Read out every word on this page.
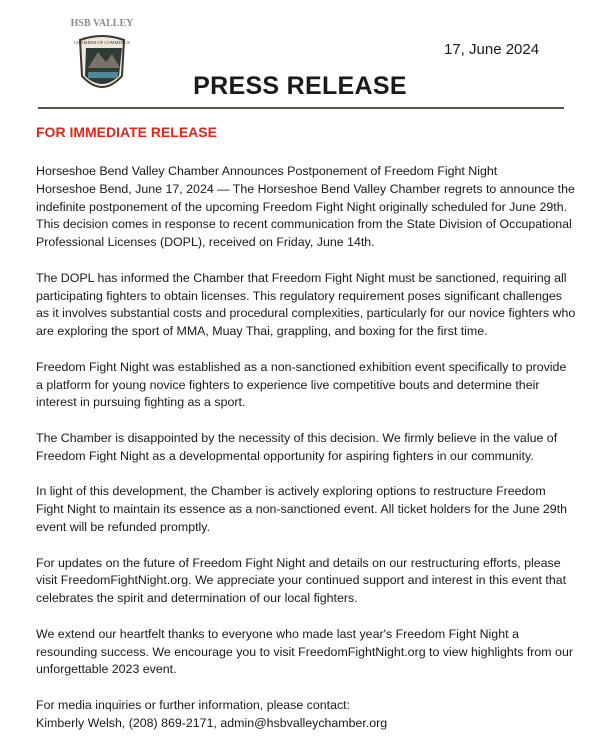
HSB VALLEY
CHAMBER OF COMMERCE	17, June 2024
PRESS RELEASE
FOR IMMEDIATE RELEASE

Horseshoe Bend Valley Chamber Announces Postponement of Freedom Fight Night
Horseshoe Bend, June 17, 2024 — The Horseshoe Bend Valley Chamber regrets to announce the indefinite postponement of the upcoming Freedom Fight Night originally scheduled for June 29th. This decision comes in response to recent communication from the State Division of Occupational Professional Licenses (DOPL), received on Friday, June 14th.

The DOPL has informed the Chamber that Freedom Fight Night must be sanctioned, requiring all participating fighters to obtain licenses. This regulatory requirement poses significant challenges as it involves substantial costs and procedural complexities, particularly for our novice fighters who are exploring the sport of MMA, Muay Thai, grappling, and boxing for the first time.

Freedom Fight Night was established as a non-sanctioned exhibition event specifically to provide a platform for young novice fighters to experience live competitive bouts and determine their interest in pursuing fighting as a sport.

The Chamber is disappointed by the necessity of this decision. We firmly believe in the value of Freedom Fight Night as a developmental opportunity for aspiring fighters in our community.

In light of this development, the Chamber is actively exploring options to restructure Freedom Fight Night to maintain its essence as a non-sanctioned event. All ticket holders for the June 29th event will be refunded promptly.

For updates on the future of Freedom Fight Night and details on our restructuring efforts, please visit FreedomFightNight.org. We appreciate your continued support and interest in this event that celebrates the spirit and determination of our local fighters.

We extend our heartfelt thanks to everyone who made last year's Freedom Fight Night a resounding success. We encourage you to visit FreedomFightNight.org to view highlights from our unforgettable 2023 event.

For media inquiries or further information, please contact:
Kimberly Welsh, (208) 869-2171, admin@hsbvalleychamber.org
